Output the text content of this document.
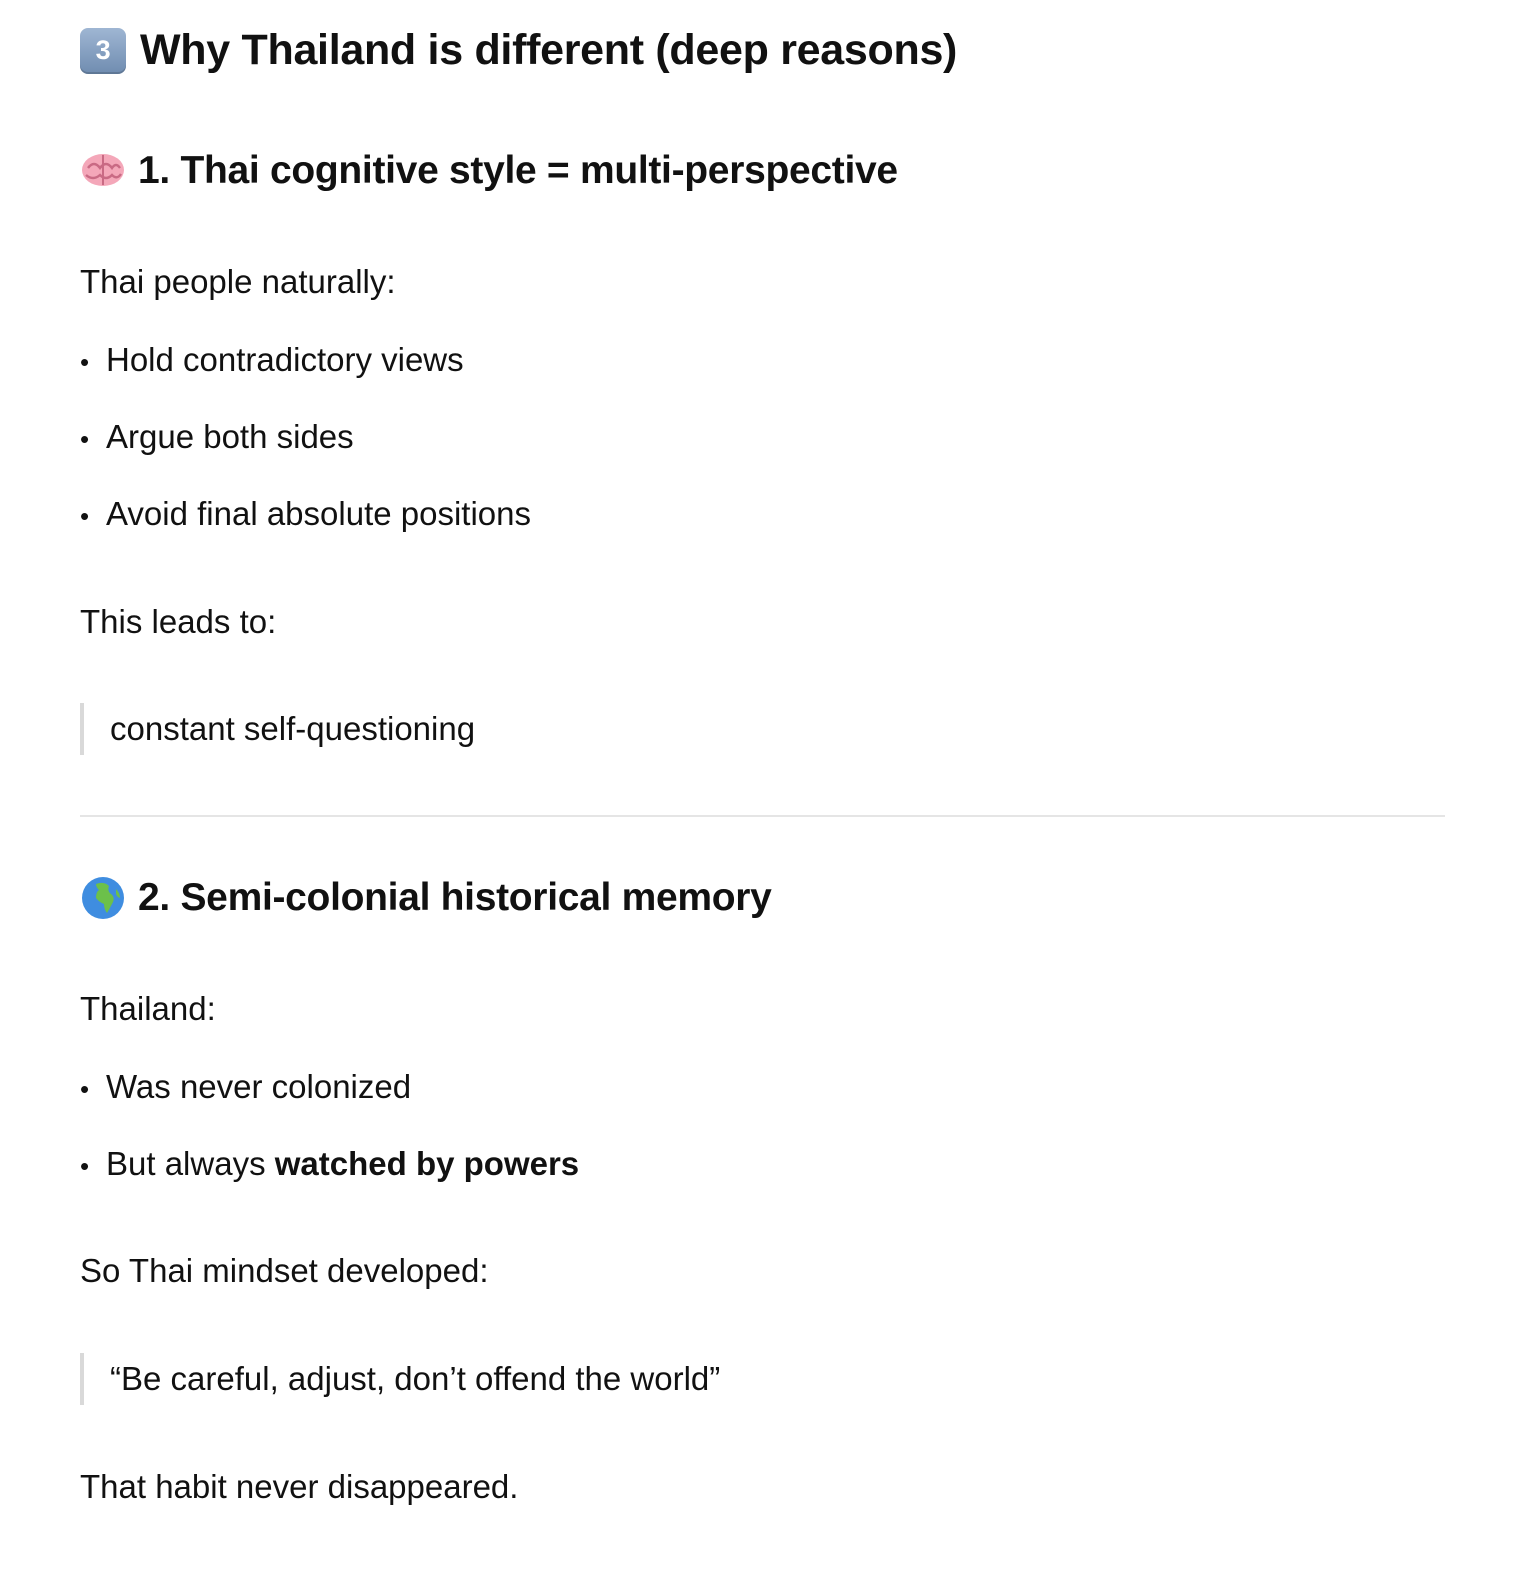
3 Why Thailand is different (deep reasons)
1. Thai cognitive style = multi-perspective
Thai people naturally:
• Hold contradictory views
• Argue both sides
• Avoid final absolute positions
This leads to:
constant self-questioning
2. Semi-colonial historical memory
Thailand:
• Was never colonized
• But always watched by powers
So Thai mindset developed:
“Be careful, adjust, don’t offend the world”
That habit never disappeared.
